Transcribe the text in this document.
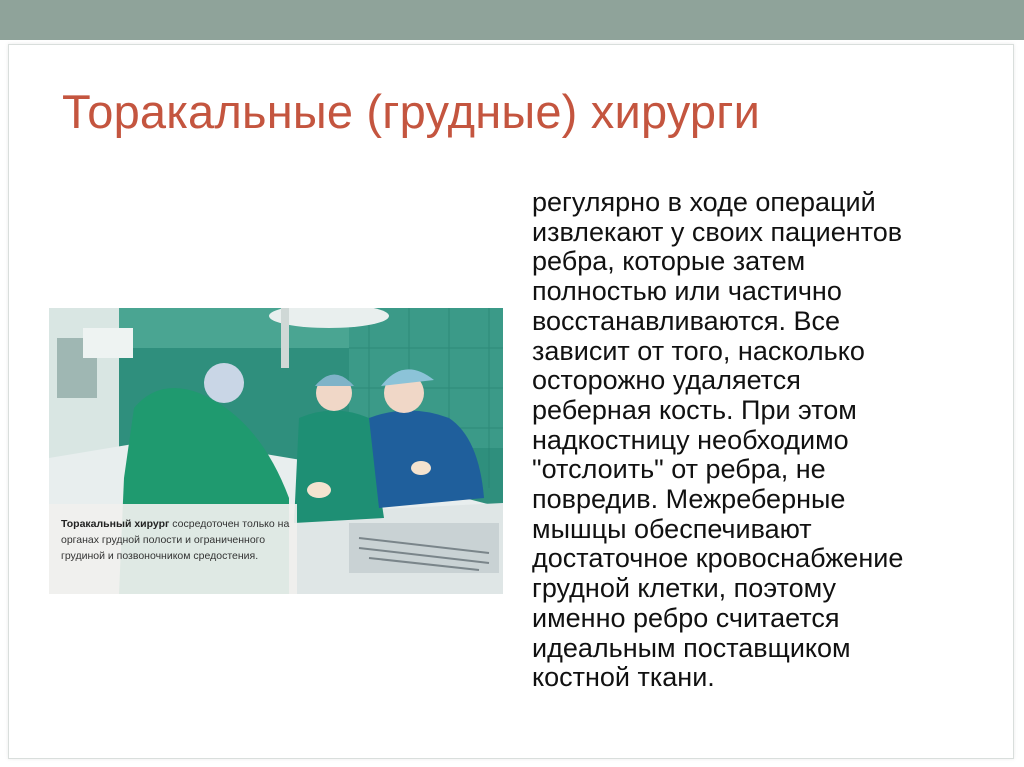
Торакальные (грудные) хирурги

регулярно в ходе операций
извлекают у своих пациентов
ребра, которые затем
полностью или частично
восстанавливаются. Все
зависит от того, насколько
осторожно удаляется
реберная кость. При этом
надкостницу необходимо
"отслоить" от ребра, не
повредив. Межреберные
мышцы обеспечивают
достаточное кровоснабжение
грудной клетки, поэтому
именно ребро считается
идеальным поставщиком
костной ткани.

Торакальный хирург сосредоточен только на органах грудной полости и ограниченного грудиной и позвоночником средостения.
